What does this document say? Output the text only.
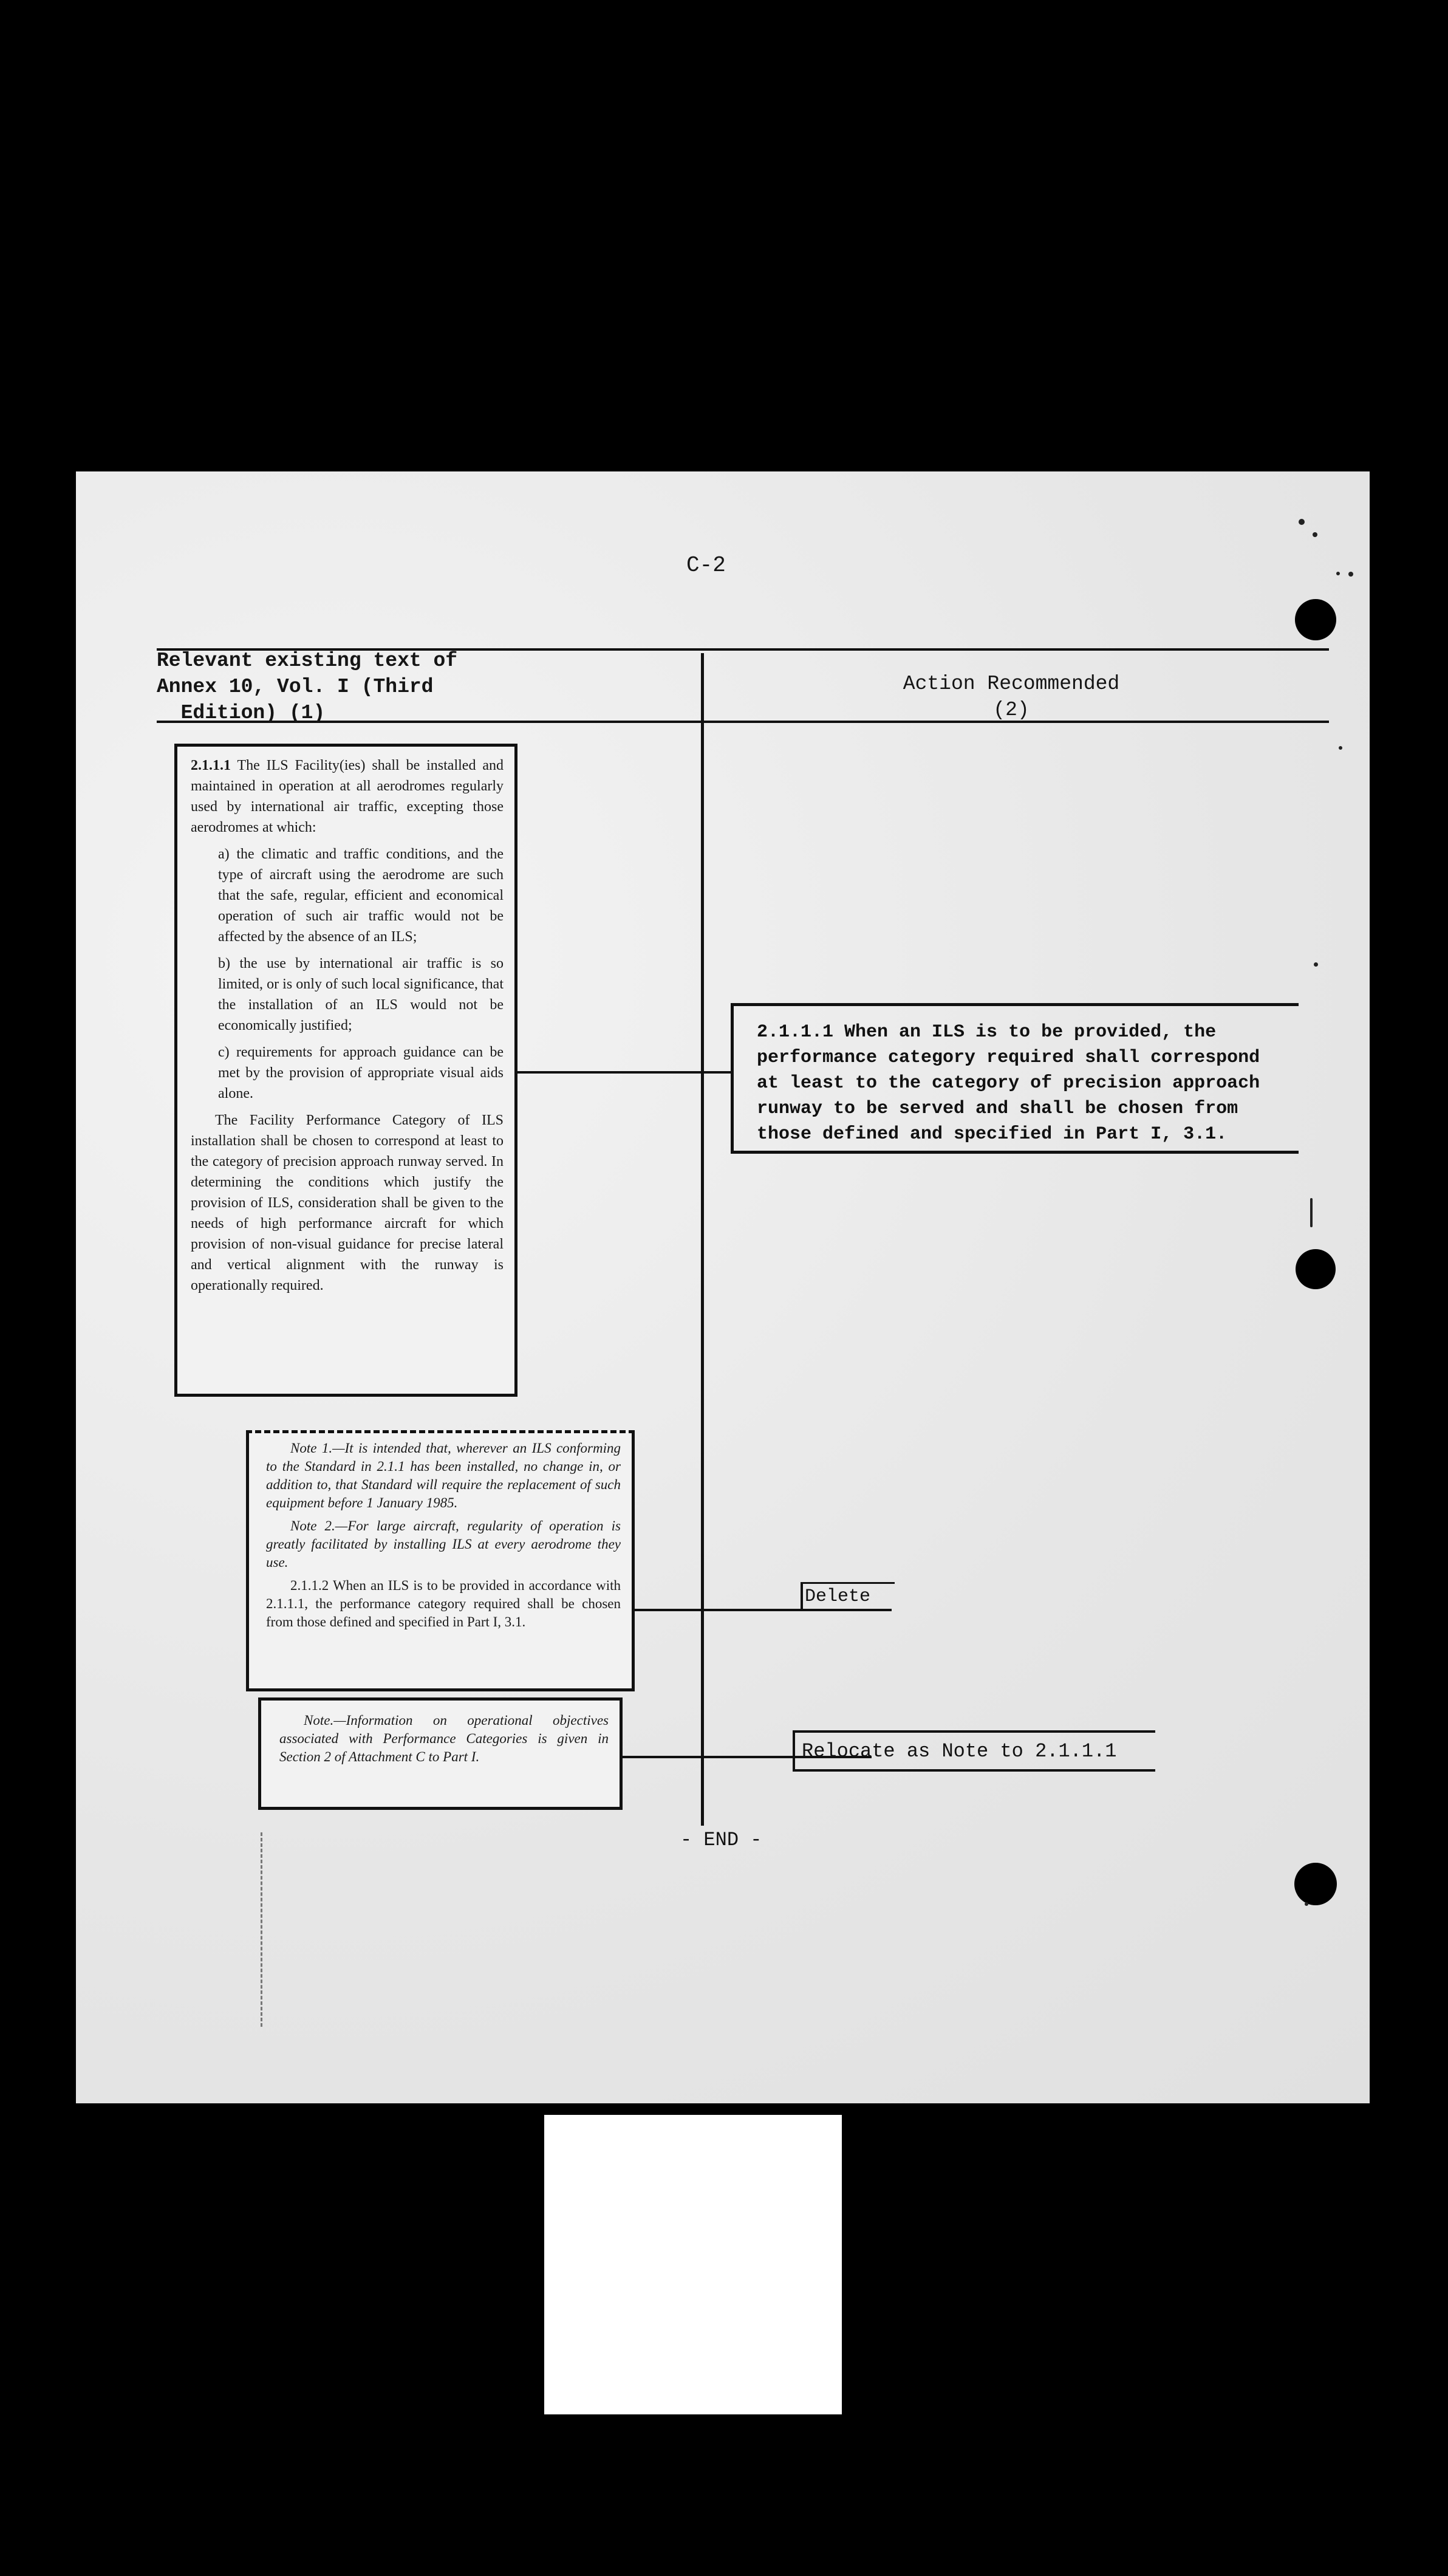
C-2
Relevant existing text of
Annex 10, Vol. I (Third
Edition) (1)
Action Recommended
(2)

2.1.1.1 The ILS Facility(ies) shall be installed and maintained in operation at all aerodromes regularly used by international air traffic, excepting those aerodromes at which:

a) the climatic and traffic conditions, and the type of aircraft using the aerodrome are such that the safe, regular, efficient and economical operation of such air traffic would not be affected by the absence of an ILS;

b) the use by international air traffic is so limited, or is only of such local significance, that the installation of an ILS would not be economically justified;

c) requirements for approach guidance can be met by the provision of appropriate visual aids alone.

The Facility Performance Category of ILS installation shall be chosen to correspond at least to the category of precision approach runway served. In determining the conditions which justify the provision of ILS, consideration shall be given to the needs of high performance aircraft for which provision of non-visual guidance for precise lateral and vertical alignment with the runway is operationally required.

Note 1.—It is intended that, wherever an ILS conforming to the Standard in 2.1.1 has been installed, no change in, or addition to, that Standard will require the replacement of such equipment before 1 January 1985.

Note 2.—For large aircraft, regularity of operation is greatly facilitated by installing ILS at every aerodrome they use.

2.1.1.2 When an ILS is to be provided in accordance with 2.1.1.1, the performance category required shall be chosen from those defined and specified in Part I, 3.1.

Delete
Note.—Information on operational objectives associated with Performance Categories is given in Section 2 of Attachment C to Part I.	Relocate as Note to 2.1.1.1
2.1.1.1 When an ILS is to be provided, the performance category required shall correspond at least to the category of precision approach runway to be served and shall be chosen from those defined and specified in Part I, 3.1.
- END -
